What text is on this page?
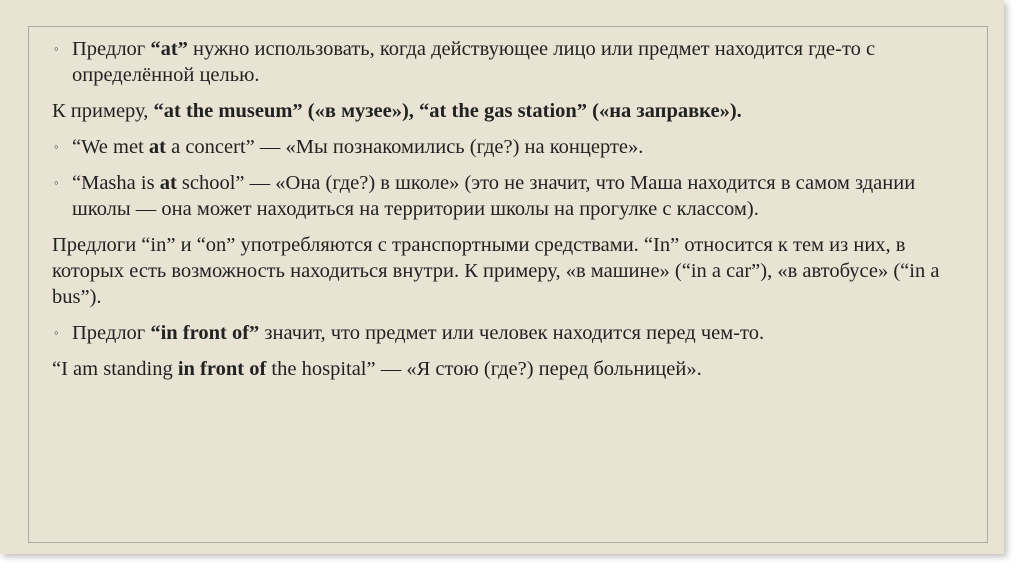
◦ Предлог “at” нужно использовать, когда действующее лицо или предмет находится где-то с определённой целью.

К примеру, “at the museum” («в музее»), “at the gas station” («на заправке»).

◦ “We met at a concert” — «Мы познакомились (где?) на концерте».

◦ “Masha is at school” — «Она (где?) в школе» (это не значит, что Маша находится в самом здании школы — она может находиться на территории школы на прогулке с классом).

Предлоги “in” и “on” употребляются с транспортными средствами. “In” относится к тем из них, в которых есть возможность находиться внутри. К примеру, «в машине» (“in a car”), «в автобусе» (“in a bus”).

◦ Предлог “in front of” значит, что предмет или человек находится перед чем-то.

“I am standing in front of the hospital” — «Я стою (где?) перед больницей».
